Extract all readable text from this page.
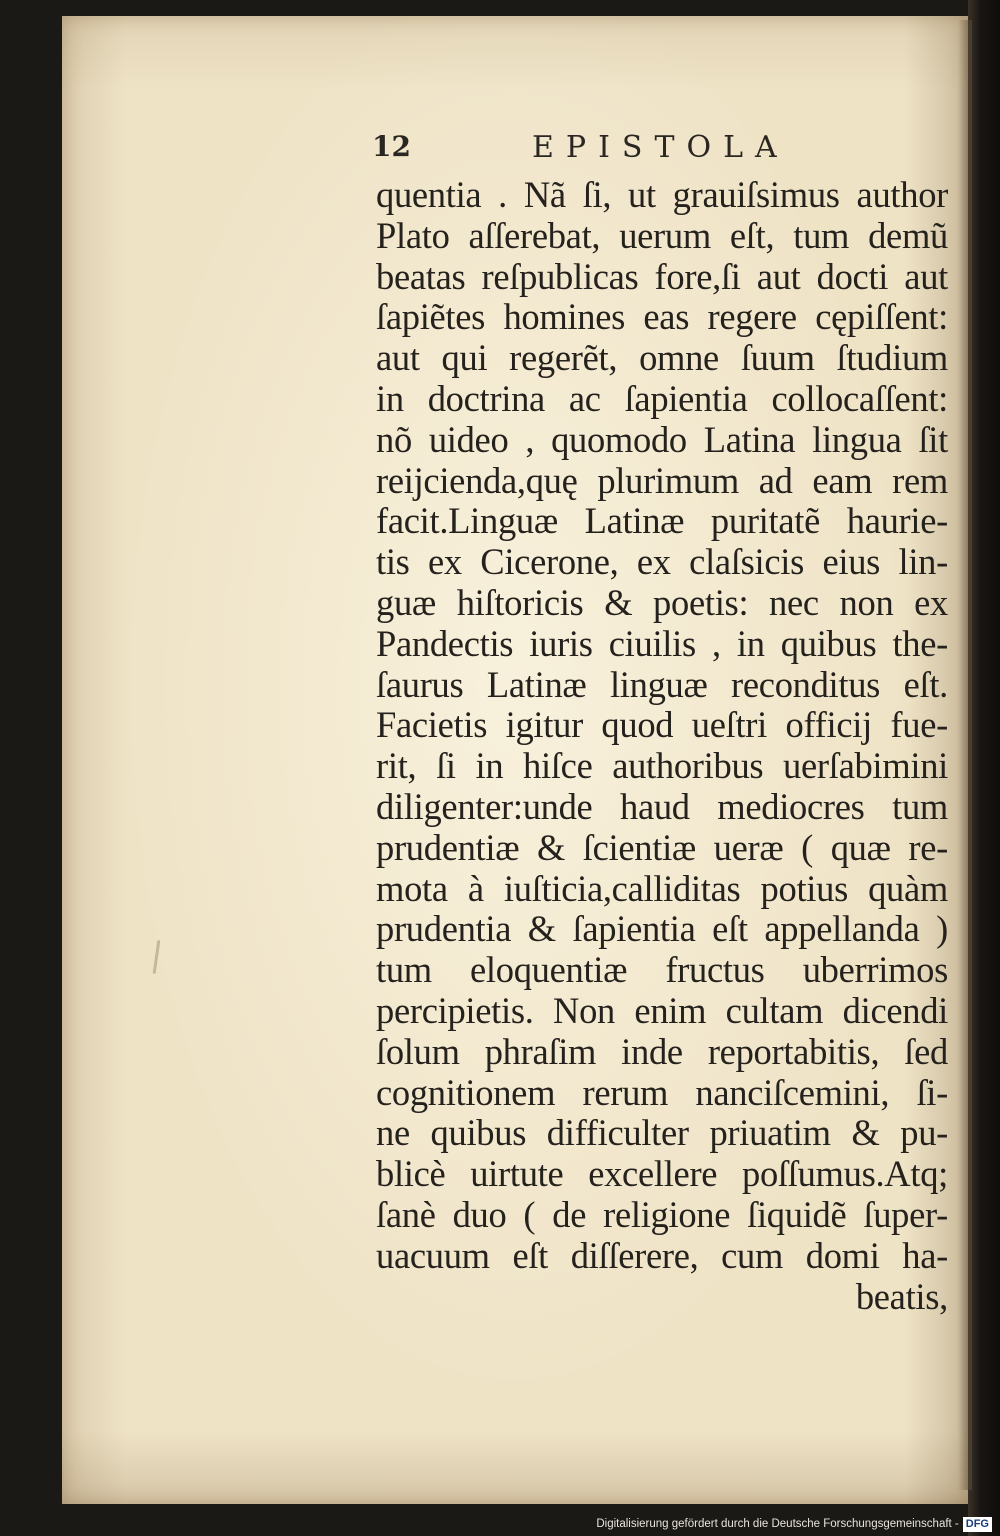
12	EPISTOLA
quentia . Nã ſi, ut grauiſsimus author
Plato aſſerebat, uerum eſt, tum demũ
beatas reſpublicas fore,ſi aut docti aut
ſapiẽtes homines eas regere cępiſſent:
aut qui regerẽt, omne ſuum ſtudium
in doctrina ac ſapientia collocaſſent:
nõ uideo , quomodo Latina lingua ſit
reijcienda,quę plurimum ad eam rem
facit.Linguæ Latinæ puritatẽ haurie-
tis ex Cicerone, ex claſsicis eius lin-
guæ hiſtoricis & poetis: nec non ex
Pandectis iuris ciuilis , in quibus the-
ſaurus Latinæ linguæ reconditus eſt.
Facietis igitur quod ueſtri officij fue-
rit, ſi in hiſce authoribus uerſabimini
diligenter:unde haud mediocres tum
prudentiæ & ſcientiæ ueræ ( quæ re-
mota à iuſticia,calliditas potius quàm
prudentia & ſapientia eſt appellanda )
tum eloquentiæ fructus uberrimos
percipietis. Non enim cultam dicendi
ſolum phraſim inde reportabitis, ſed
cognitionem rerum nanciſcemini, ſi-
ne quibus difficulter priuatim & pu-
blicè uirtute excellere poſſumus.Atq;
ſanè duo ( de religione ſiquidẽ ſuper-
uacuum eſt diſſerere, cum domi ha-
beatis,
Digitalisierung gefördert durch die Deutsche Forschungsgemeinschaft - DFG
